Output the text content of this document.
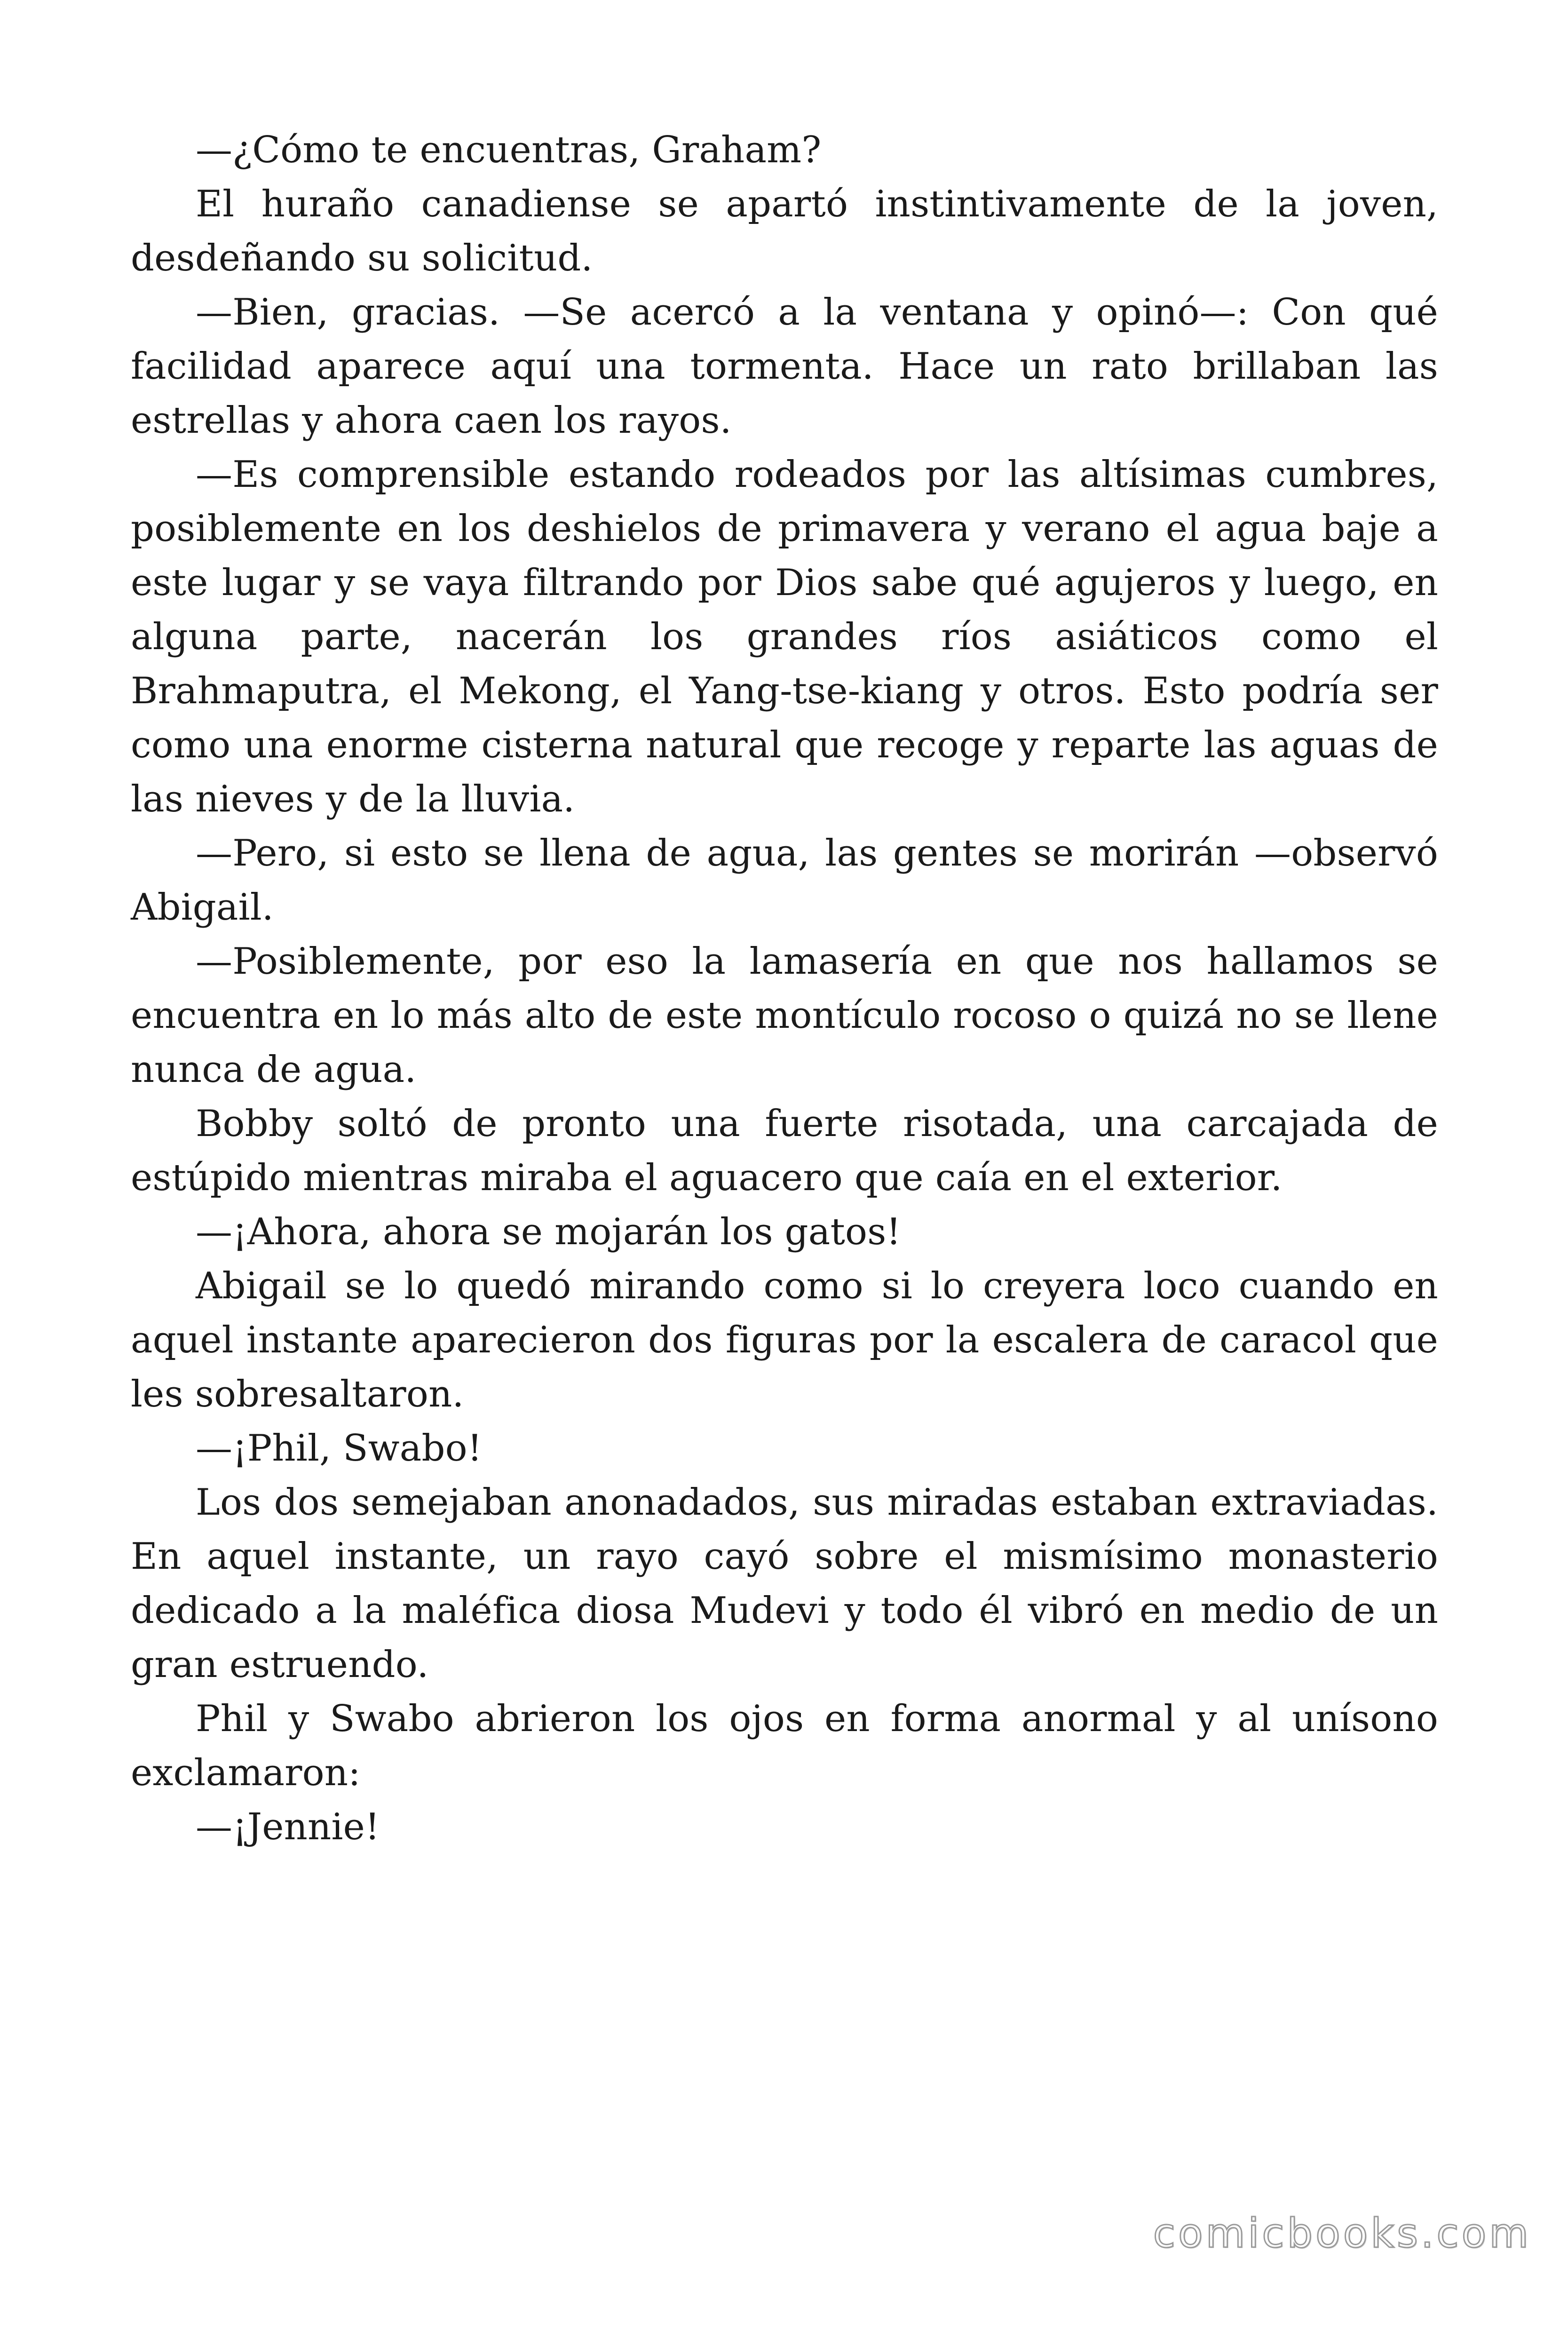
—¿Cómo te encuentras, Graham?

El huraño canadiense se apartó instintivamente de la joven, desdeñando su solicitud.

—Bien, gracias. —Se acercó a la ventana y opinó—: Con qué facilidad aparece aquí una tormenta. Hace un rato brillaban las estrellas y ahora caen los rayos.

—Es comprensible estando rodeados por las altísimas cumbres, posiblemente en los deshielos de primavera y verano el agua baje a este lugar y se vaya filtrando por Dios sabe qué agujeros y luego, en alguna parte, nacerán los grandes ríos asiáticos como el Brahmaputra, el Mekong, el Yang-tse-kiang y otros. Esto podría ser como una enorme cisterna natural que recoge y reparte las aguas de las nieves y de la lluvia.

—Pero, si esto se llena de agua, las gentes se morirán —observó Abigail.

—Posiblemente, por eso la lamasería en que nos hallamos se encuentra en lo más alto de este montículo rocoso o quizá no se llene nunca de agua.

Bobby soltó de pronto una fuerte risotada, una carcajada de estúpido mientras miraba el aguacero que caía en el exterior.

—¡Ahora, ahora se mojarán los gatos!

Abigail se lo quedó mirando como si lo creyera loco cuando en aquel instante aparecieron dos figuras por la escalera de caracol que les sobresaltaron.

—¡Phil, Swabo!

Los dos semejaban anonadados, sus miradas estaban extraviadas. En aquel instante, un rayo cayó sobre el mismísimo monasterio dedicado a la maléfica diosa Mudevi y todo él vibró en medio de un gran estruendo.

Phil y Swabo abrieron los ojos en forma anormal y al unísono exclamaron:

—¡Jennie!

comicbooks.com
